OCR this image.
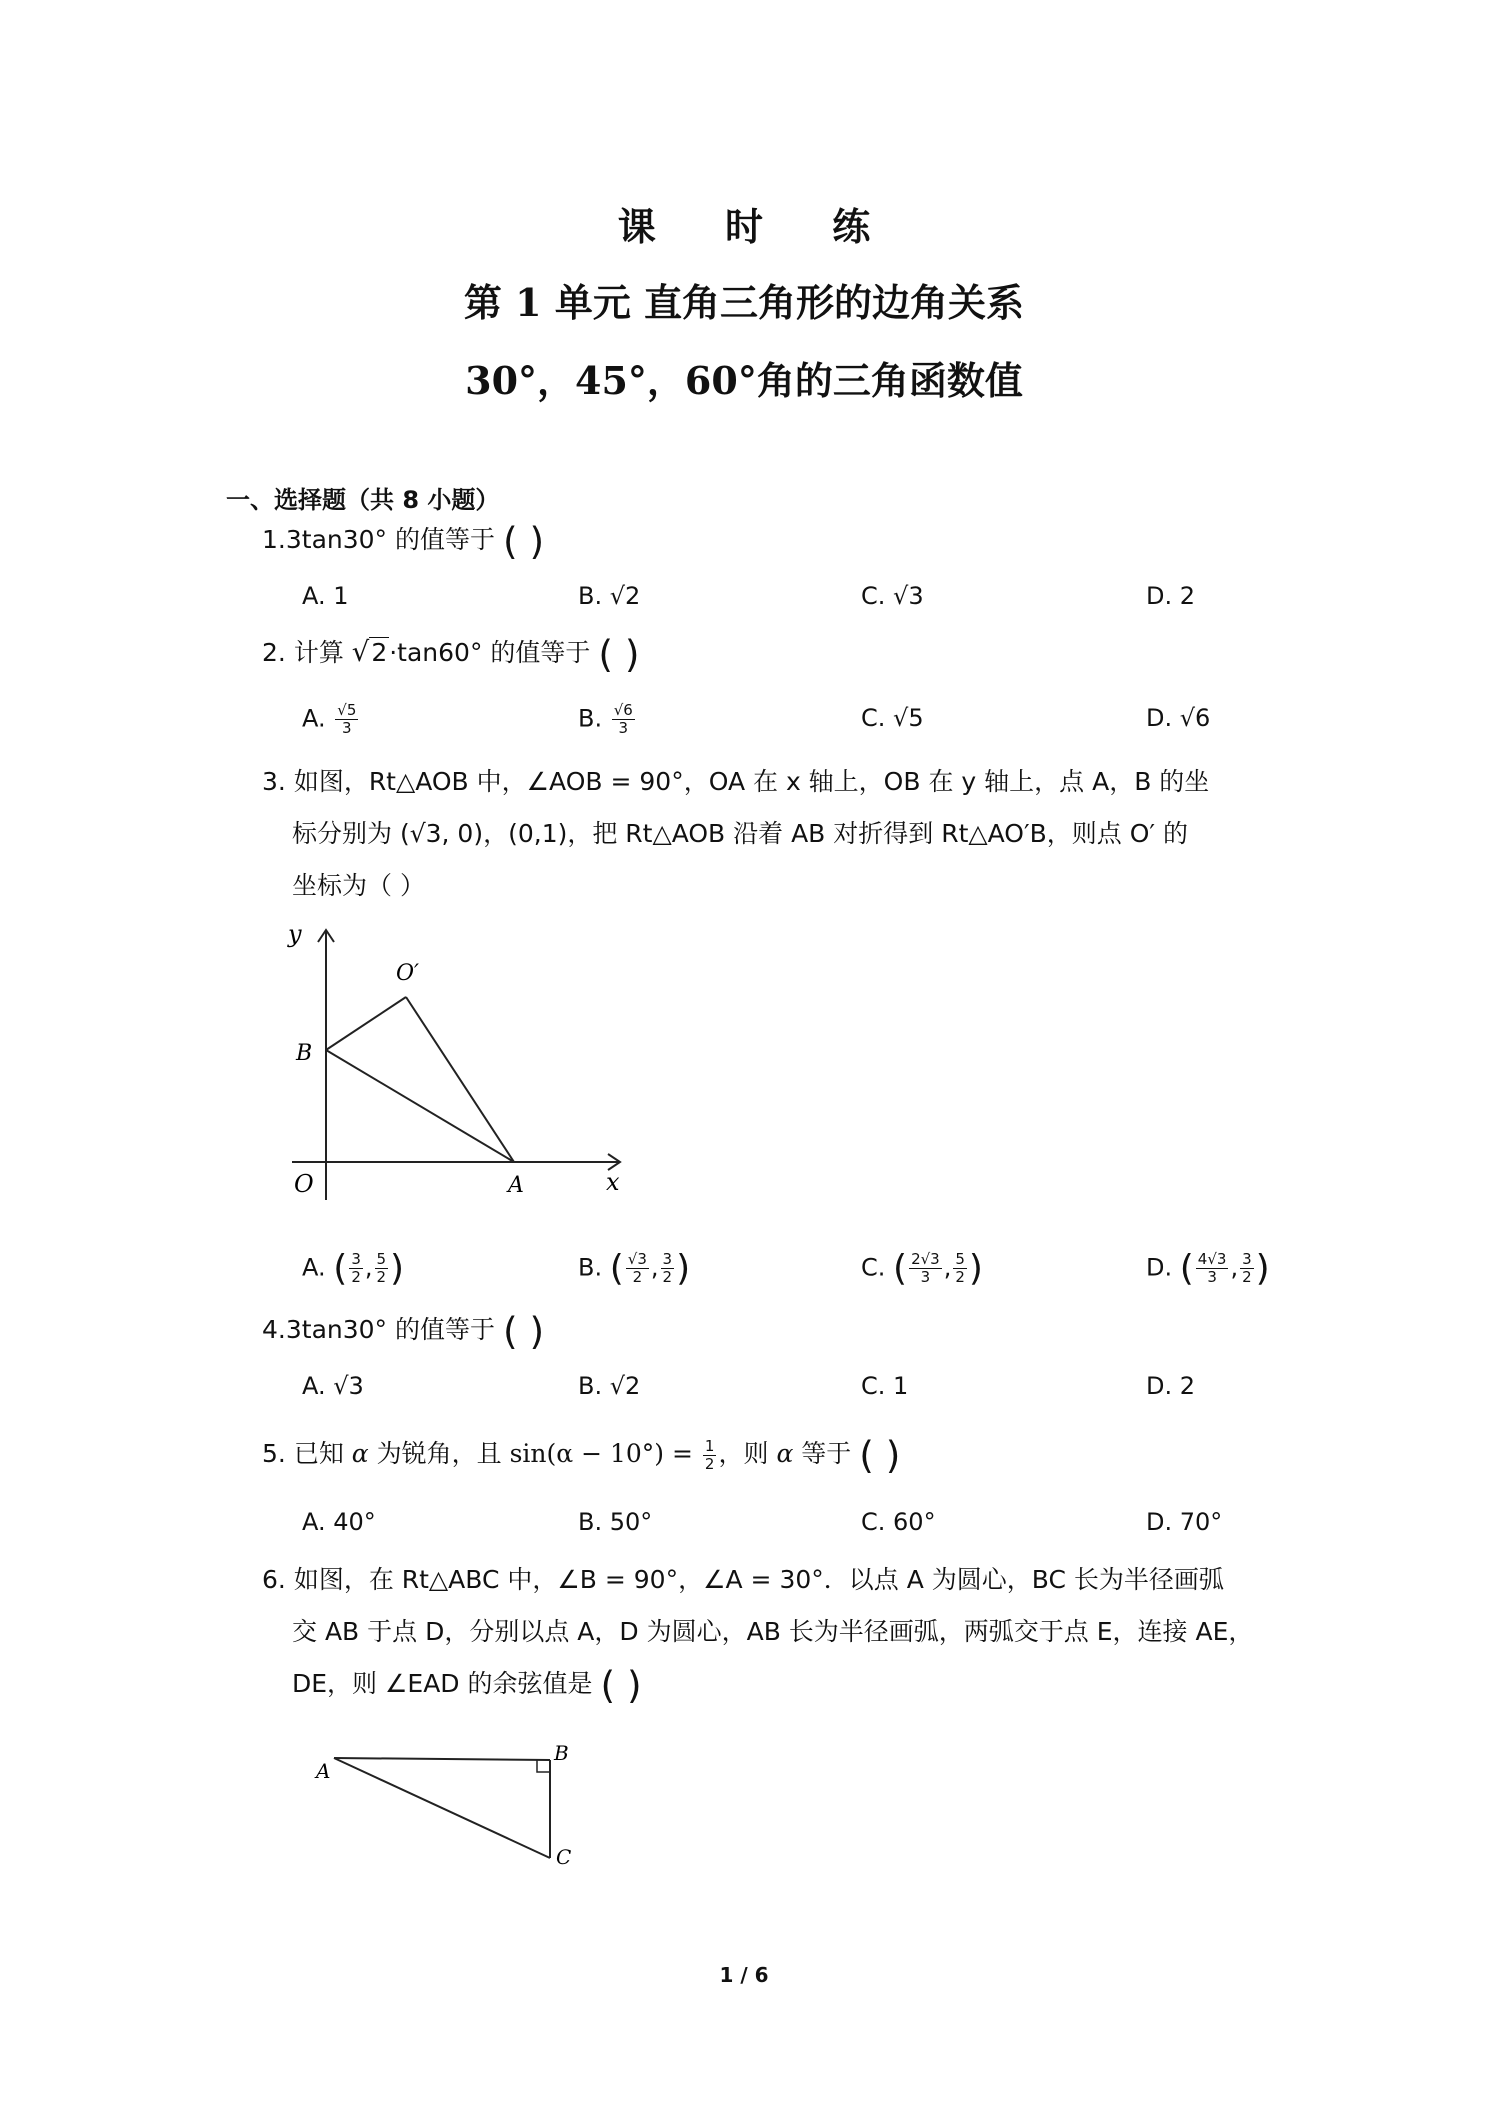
课 时 练
第 1 单元 直角三角形的边角关系
30°，45°，60°角的三角函数值
一、选择题（共 8 小题）
1.3tan30° 的值等于 ( )
A. 1	B. √2	C. √3	D. 2
2. 计算 √2·tan60° 的值等于 ( )
A. $\frac{√5}{3}$	B. $\frac{√6}{3}$	C. √5	D. √6
3. 如图，Rt△AOB 中，∠AOB = 90°，OA 在 x 轴上，OB 在 y 轴上，点 A，B 的坐
标分别为 (√3, 0)，(0,1)，把 Rt△AOB 沿着 AB 对折得到 Rt△AO′B，则点 O′ 的
坐标为（ ）
y
x
O	A
B
O′
A. ( $\frac{3}{2}$ , $\frac{5}{2}$ )	B. ( $\frac{√3}{2}$ , $\frac{3}{2}$ )	C. ( $\frac{2√3}{3}$ , $\frac{5}{2}$ )	D. ( $\frac{4√3}{3}$ , $\frac{3}{2}$ )
4.3tan30° 的值等于 ( )
A. √3	B. √2	C. 1	D. 2
5. 已知 α 为锐角，且 $\sin(\alpha - 10^\circ) = \frac{1}{2}$ ，则 α 等于 ( )
A. 40°	B. 50°	C. 60°	D. 70°
6. 如图，在 Rt△ABC 中，∠B = 90°，∠A = 30°．以点 A 为圆心，BC 长为半径画弧
交 AB 于点 D，分别以点 A，D 为圆心，AB 长为半径画弧，两弧交于点 E，连接 AE，
DE，则 ∠EAD 的余弦值是 ( )
A
B
C
1 / 6
